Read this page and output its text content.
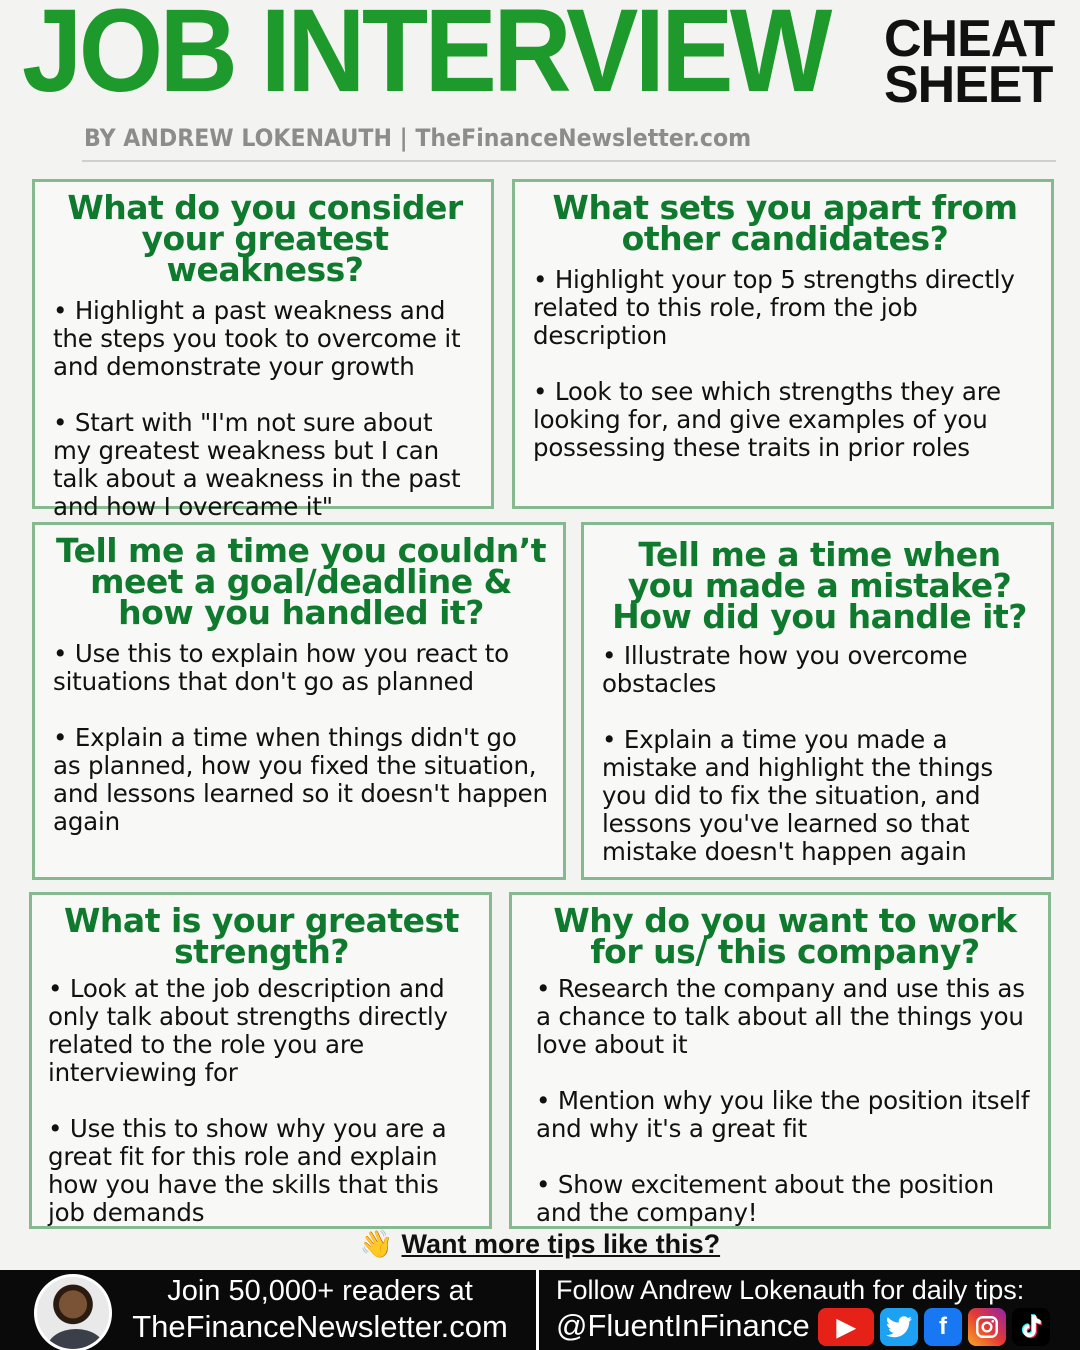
JOB INTERVIEW CHEAT
SHEET
BY ANDREW LOKENAUTH | TheFinanceNewsletter.com
What do you consider your greatest weakness?

• Highlight a past weakness and the steps you took to overcome it and demonstrate your growth

• Start with "I'm not sure about my greatest weakness but I can talk about a weakness in the past and how I overcame it"

What sets you apart from other candidates?

• Highlight your top 5 strengths directly related to this role, from the job description

• Look to see which strengths they are looking for, and give examples of you possessing these traits in prior roles

Tell me a time you couldn’t meet a goal/deadline & how you handled it?

• Use this to explain how you react to situations that don't go as planned

• Explain a time when things didn't go as planned, how you fixed the situation, and lessons learned so it doesn't happen again

Tell me a time when you made a mistake? How did you handle it?

• Illustrate how you overcome obstacles

• Explain a time you made a mistake and highlight the things you did to fix the situation, and lessons you've learned so that mistake doesn't happen again

What is your greatest strength?

• Look at the job description and only talk about strengths directly related to the role you are interviewing for

• Use this to show why you are a great fit for this role and explain how you have the skills that this job demands

Why do you want to work for us/ this company?

• Research the company and use this as a chance to talk about all the things you love about it

• Mention why you like the position itself and why it's a great fit

• Show excitement about the position and the company!

👋 Want more tips like this?
Join 50,000+ readers at
TheFinanceNewsletter.com
Follow Andrew Lokenauth for daily tips:
@FluentInFinance	▶	f
